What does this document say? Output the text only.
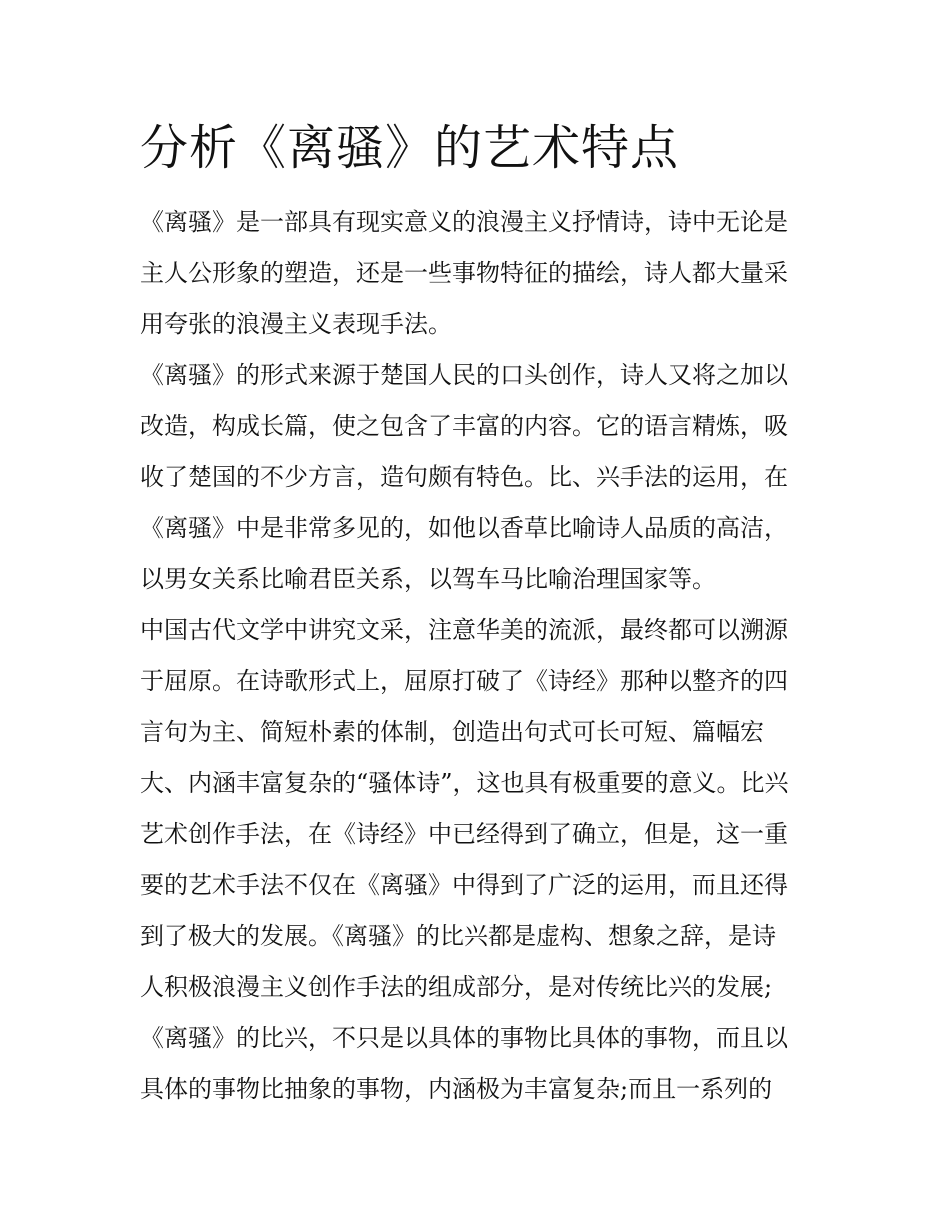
分析《离骚》的艺术特点
《离骚》是一部具有现实意义的浪漫主义抒情诗，诗中无论是
主人公形象的塑造，还是一些事物特征的描绘，诗人都大量采
用夸张的浪漫主义表现手法。
《离骚》的形式来源于楚国人民的口头创作，诗人又将之加以
改造，构成长篇，使之包含了丰富的内容。它的语言精炼，吸
收了楚国的不少方言，造句颇有特色。比、兴手法的运用，在
《离骚》中是非常多见的，如他以香草比喻诗人品质的高洁，
以男女关系比喻君臣关系，以驾车马比喻治理国家等。
中国古代文学中讲究文采，注意华美的流派，最终都可以溯源
于屈原。在诗歌形式上，屈原打破了《诗经》那种以整齐的四
言句为主、简短朴素的体制，创造出句式可长可短、篇幅宏
大、内涵丰富复杂的“骚体诗”，这也具有极重要的意义。比兴
艺术创作手法，在《诗经》中已经得到了确立，但是，这一重
要的艺术手法不仅在《离骚》中得到了广泛的运用，而且还得
到了极大的发展。《离骚》的比兴都是虚构、想象之辞，是诗
人积极浪漫主义创作手法的组成部分，是对传统比兴的发展;
《离骚》的比兴，不只是以具体的事物比具体的事物，而且以
具体的事物比抽象的事物，内涵极为丰富复杂;而且一系列的
